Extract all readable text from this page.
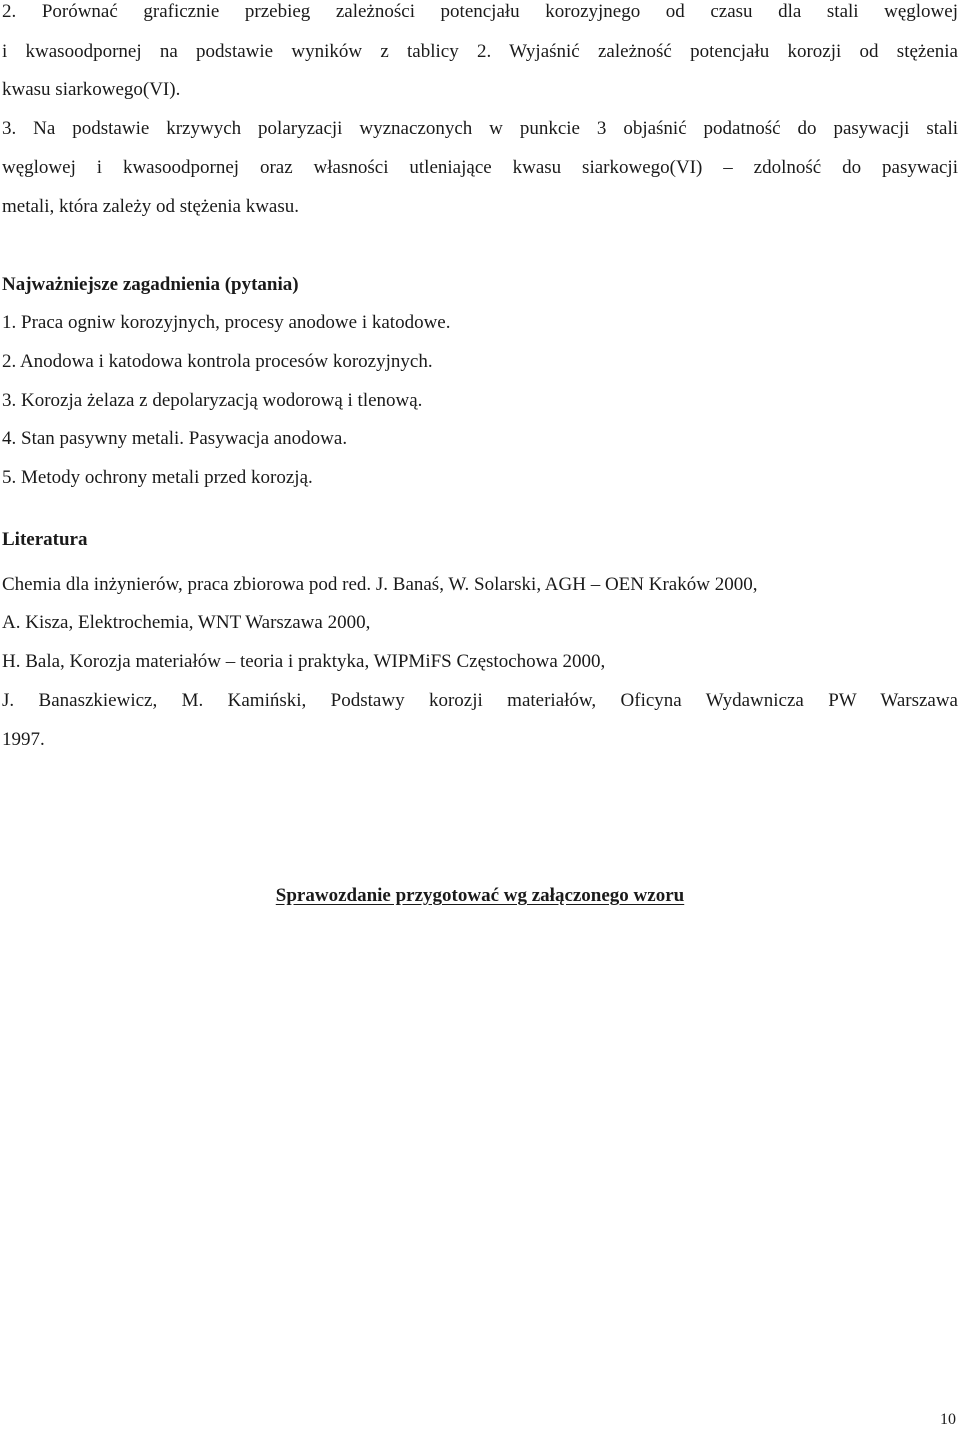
2. Porównać graficznie przebieg zależności potencjału korozyjnego od czasu dla stali węglowej
i kwasoodpornej na podstawie wyników z tablicy 2. Wyjaśnić zależność potencjału korozji od stężenia
kwasu siarkowego(VI).
3. Na podstawie krzywych polaryzacji wyznaczonych w punkcie 3 objaśnić podatność do pasywacji stali
węglowej i kwasoodpornej oraz własności utleniające kwasu siarkowego(VI) – zdolność do pasywacji
metali, która zależy od stężenia kwasu.
Najważniejsze zagadnienia (pytania)
1. Praca ogniw korozyjnych, procesy anodowe i katodowe.
2. Anodowa i katodowa kontrola procesów korozyjnych.
3. Korozja żelaza z depolaryzacją wodorową i tlenową.
4. Stan pasywny metali. Pasywacja anodowa.
5. Metody ochrony metali przed korozją.
Literatura
Chemia dla inżynierów, praca zbiorowa pod red. J. Banaś, W. Solarski, AGH – OEN Kraków 2000,
A. Kisza, Elektrochemia, WNT Warszawa 2000,
H. Bala, Korozja materiałów – teoria i praktyka, WIPMiFS Częstochowa 2000,
J. Banaszkiewicz, M. Kamiński, Podstawy korozji materiałów, Oficyna Wydawnicza PW Warszawa
1997.
Sprawozdanie przygotować wg załączonego wzoru
10
